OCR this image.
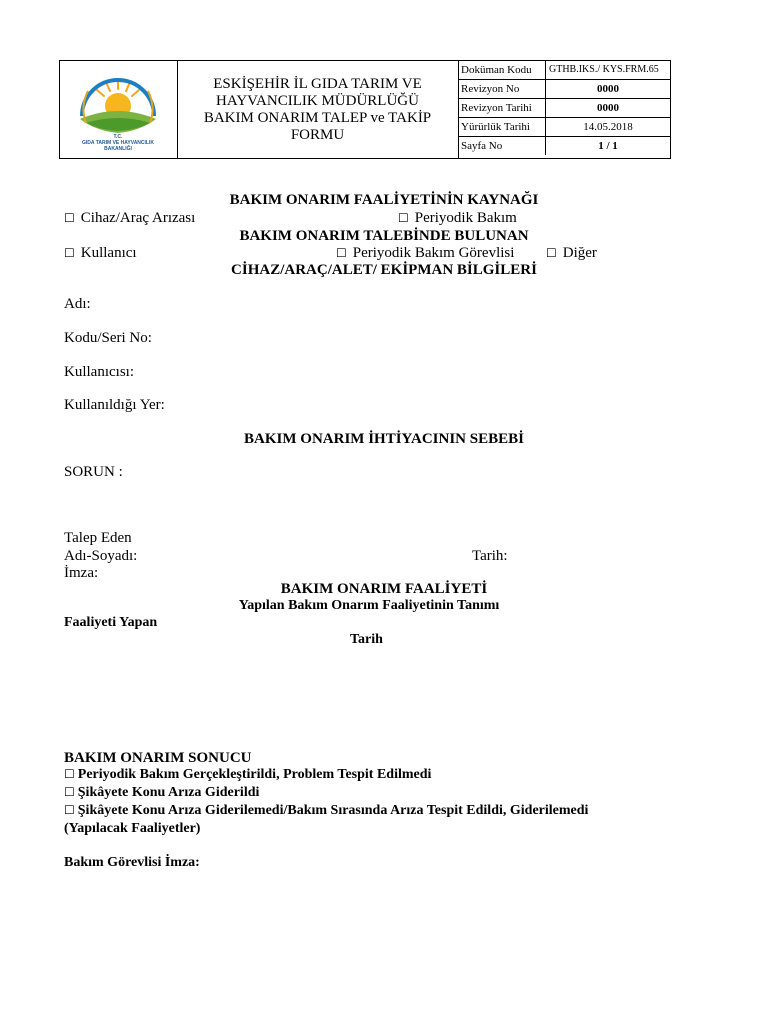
T.C.
GIDA TARIM VE HAYVANCILIK
BAKANLIĞI
ESKİŞEHİR İL GIDA TARIM VE
HAYVANCILIK MÜDÜRLÜĞÜ
BAKIM ONARIM TALEP ve TAKİP
FORMU
Doküman Kodu	GTHB.IKS./ KYS.FRM.65
Revizyon No	0000
Revizyon Tarihi	0000
Yürürlük Tarihi	14.05.2018
Sayfa No	1 / 1
BAKIM ONARIM FAALİYETİNİN KAYNAĞI
☐ Cihaz/Araç Arızası	☐ Periyodik Bakım
BAKIM ONARIM TALEBİNDE BULUNAN
☐ Kullanıcı	☐ Periyodik Bakım Görevlisi	☐ Diğer
CİHAZ/ARAÇ/ALET/ EKİPMAN BİLGİLERİ
Adı:
Kodu/Seri No:
Kullanıcısı:
Kullanıldığı Yer:
BAKIM ONARIM İHTİYACININ SEBEBİ
SORUN :
Talep Eden
Adı-Soyadı:	Tarih:
İmza:
BAKIM ONARIM FAALİYETİ
Yapılan Bakım Onarım Faaliyetinin Tanımı
Faaliyeti Yapan
Tarih
BAKIM ONARIM SONUCU
☐ Periyodik Bakım Gerçekleştirildi, Problem Tespit Edilmedi
☐ Şikâyete Konu Arıza Giderildi
☐ Şikâyete Konu Arıza Giderilemedi/Bakım Sırasında Arıza Tespit Edildi, Giderilemedi
(Yapılacak Faaliyetler)
Bakım Görevlisi İmza:
